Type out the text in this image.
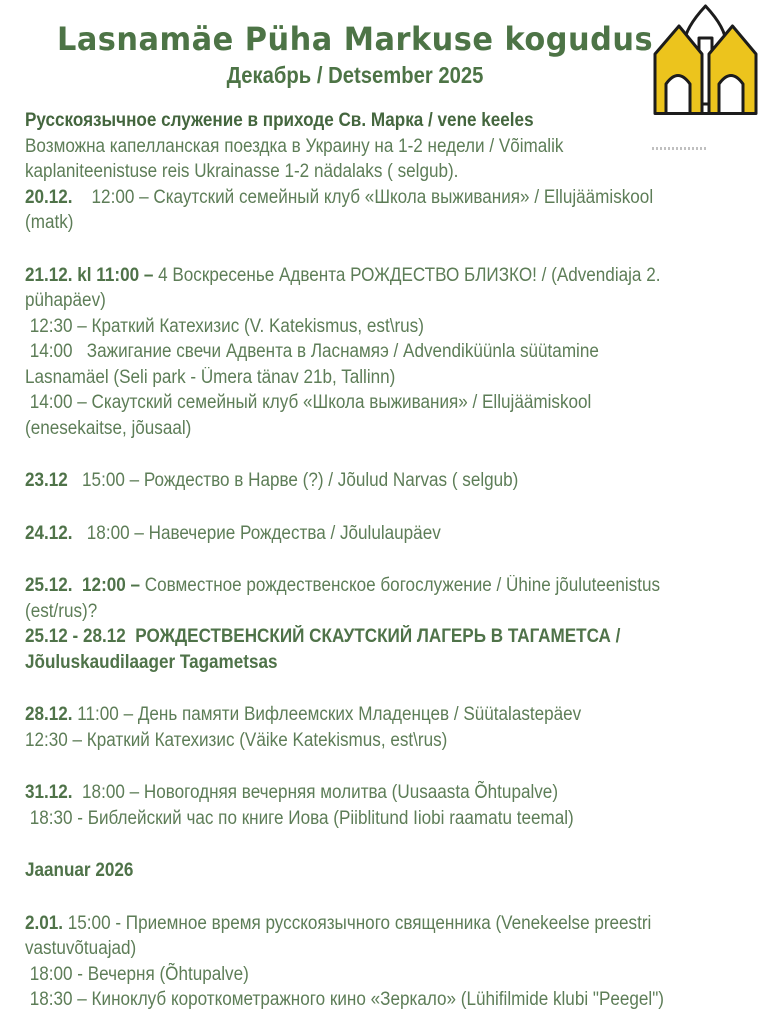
Lasnamäe Püha Markuse kogudus
Декабрь / Detsember 2025
Русскоязычное служение в приходе Св. Марка / vene keeles
Возможна капелланская поездка в Украину на 1-2 недели / Võimalik
kaplaniteenistuse reis Ukrainasse 1-2 nädalaks ( selgub).
20.12.    12:00 – Скаутский семейный клуб «Школа выживания» / Ellujäämiskool
(matk)
21.12. kl 11:00 – 4 Воскресенье Адвента РОЖДЕСТВО БЛИЗКО! / (Advendiaja 2.
pühapäev)
12:30 – Краткий Катехизис (V. Katekismus, est\rus)
14:00   Зажигание свечи Адвента в Ласнамяэ / Advendiküünla süütamine
Lasnamäel (Seli park - Ümera tänav 21b, Tallinn)
14:00 – Скаутский семейный клуб «Школа выживания» / Ellujäämiskool
(enesekaitse, jõusaal)
23.12   15:00 – Рождество в Нарве (?) / Jõulud Narvas ( selgub)
24.12.   18:00 – Навечерие Рождества / Jõululaupäev
25.12.  12:00 – Совместное рождественское богослужение / Ühine jõuluteenistus
(est/rus)?
25.12 - 28.12  РОЖДЕСТВЕНСКИЙ СКАУТСКИЙ ЛАГЕРЬ В ТАГАМЕТСА /
Jõuluskaudilaager Tagametsas
28.12. 11:00 – День памяти Вифлеемских Младенцев / Süütalastepäev
12:30 – Краткий Катехизис (Väike Katekismus, est\rus)
31.12.  18:00 – Новогодняя вечерняя молитва (Uusaasta Õhtupalve)
18:30 - Библейский час по книге Иова (Piiblitund Iiobi raamatu teemal)
Jaanuar 2026
2.01. 15:00 - Приемное время русскоязычного священника (Venekeelse preestri
vastuvõtuajad)
18:00 - Вечерня (Õhtupalve)
18:30 – Киноклуб короткометражного кино «Зеркало» (Lühifilmide klubi "Peegel")
